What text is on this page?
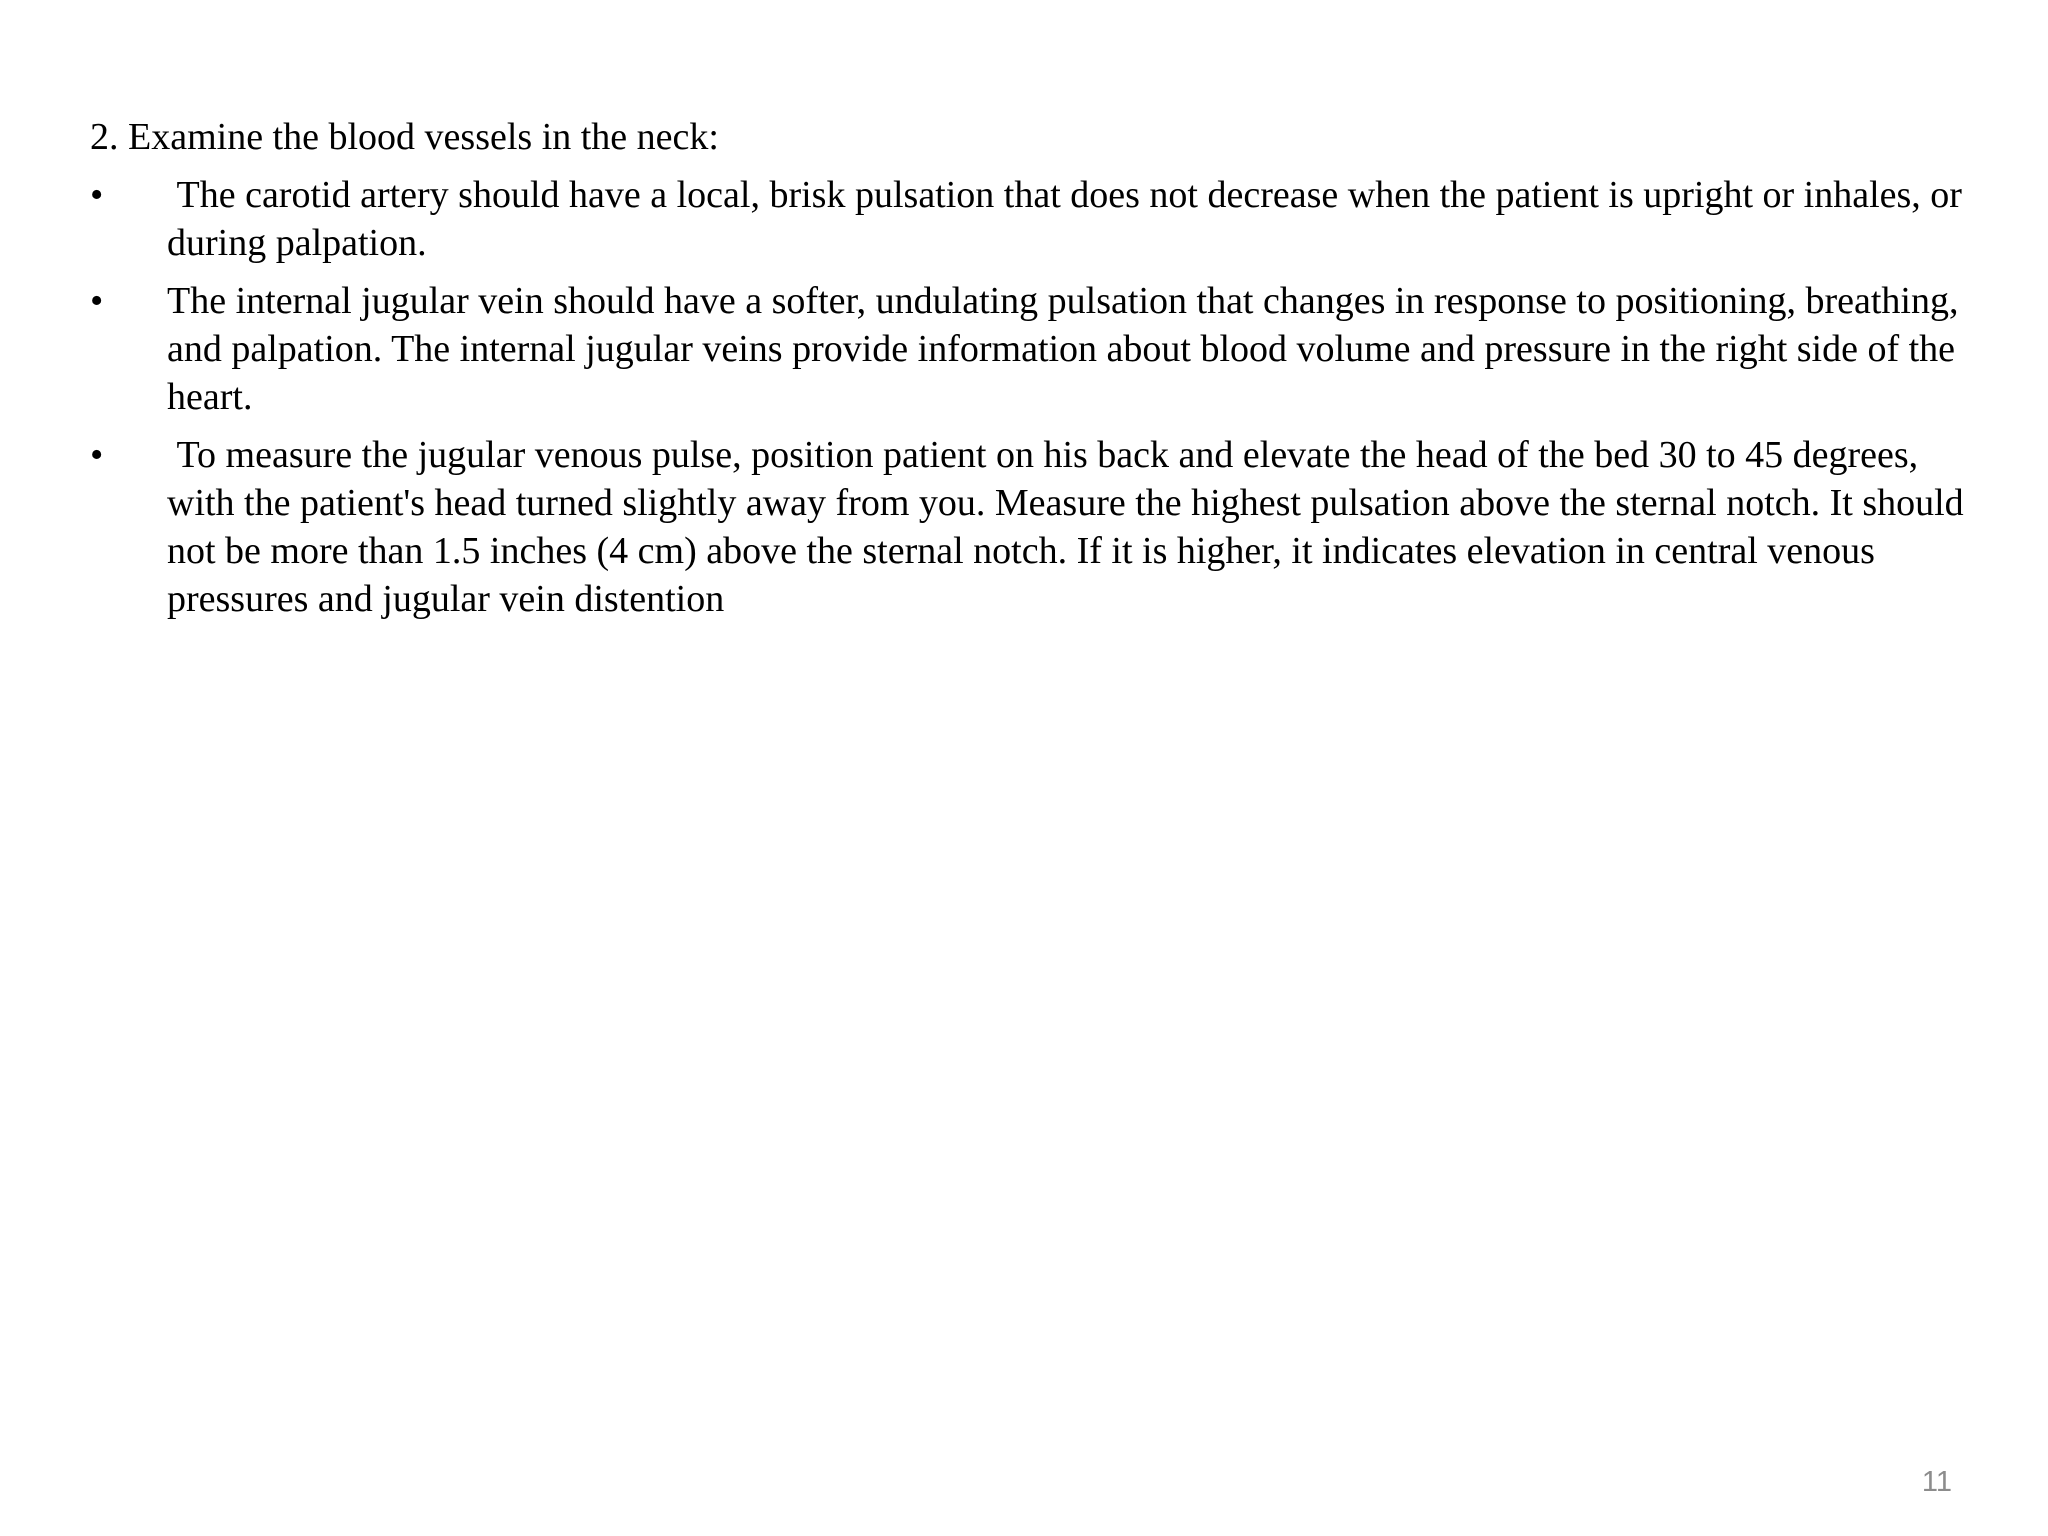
2. Examine the blood vessels in the neck:
•	The carotid artery should have a local, brisk pulsation that does not decrease when the patient is upright or inhales, or during palpation.
•	The internal jugular vein should have a softer, undulating pulsation that changes in response to positioning, breathing, and palpation. The internal jugular veins provide information about blood volume and pressure in the right side of the heart.
•	To measure the jugular venous pulse, position patient on his back and elevate the head of the bed 30 to 45 degrees, with the patient's head turned slightly away from you. Measure the highest pulsation above the sternal notch. It should not be more than 1.5 inches (4 cm) above the sternal notch. If it is higher, it indicates elevation in central venous pressures and jugular vein distention
11
